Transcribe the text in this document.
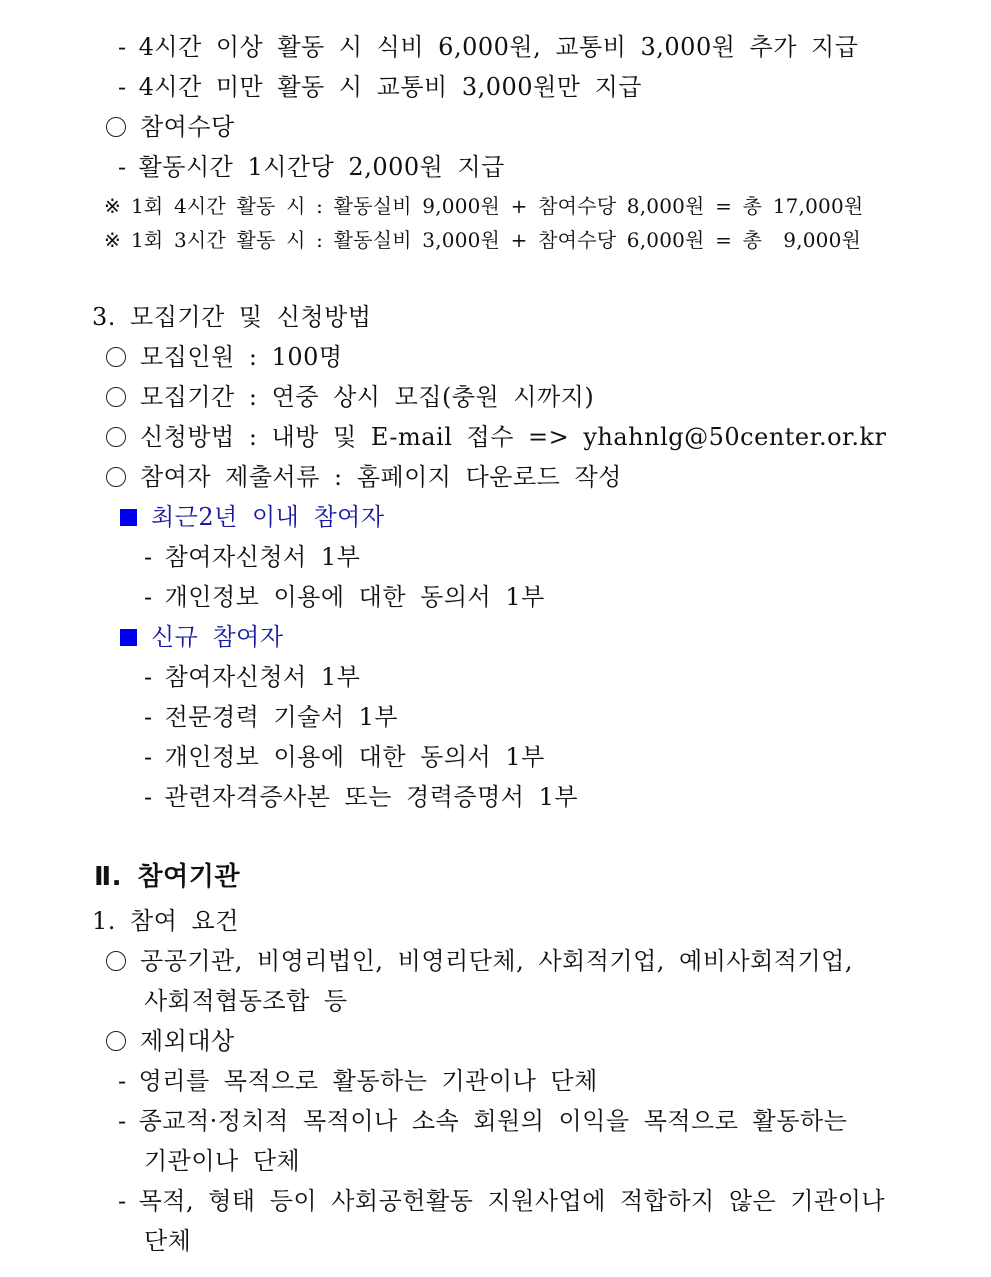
- 4시간 이상 활동 시 식비 6,000원, 교통비 3,000원 추가 지급
- 4시간 미만 활동 시 교통비 3,000원만 지급
참여수당
- 활동시간 1시간당 2,000원 지급
※ 1회 4시간 활동 시 : 활동실비 9,000원 + 참여수당 8,000원 = 총 17,000원
※ 1회 3시간 활동 시 : 활동실비 3,000원 + 참여수당 6,000원 = 총  9,000원
3. 모집기간 및 신청방법
모집인원 : 100명
모집기간 : 연중 상시 모집(충원 시까지)
신청방법 : 내방 및 E-mail 접수 => yhahnlg@50center.or.kr
참여자 제출서류 : 홈페이지 다운로드 작성
최근2년 이내 참여자
- 참여자신청서 1부
- 개인정보 이용에 대한 동의서 1부
신규 참여자
- 참여자신청서 1부
- 전문경력 기술서 1부
- 개인정보 이용에 대한 동의서 1부
- 관련자격증사본 또는 경력증명서 1부
Ⅱ. 참여기관
1. 참여 요건
공공기관, 비영리법인, 비영리단체, 사회적기업, 예비사회적기업,
사회적협동조합 등
제외대상
- 영리를 목적으로 활동하는 기관이나 단체
- 종교적·정치적 목적이나 소속 회원의 이익을 목적으로 활동하는
기관이나 단체
- 목적, 형태 등이 사회공헌활동 지원사업에 적합하지 않은 기관이나
단체
